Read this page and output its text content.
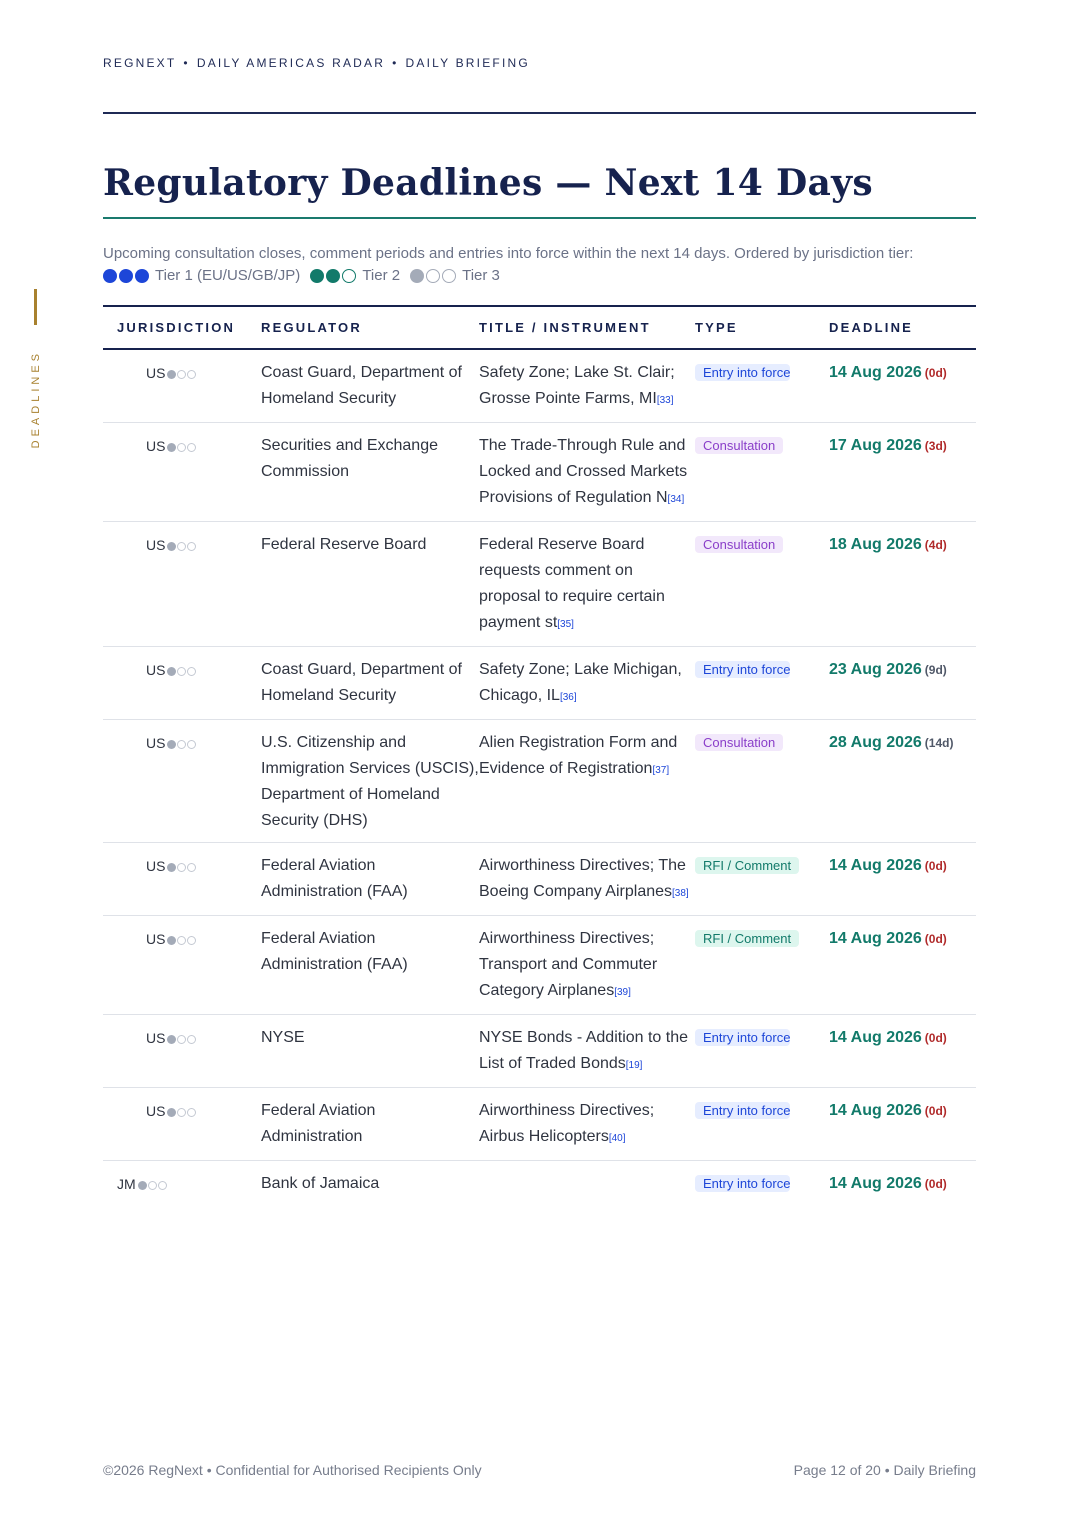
REGNEXT • DAILY AMERICAS RADAR • DAILY BRIEFING
DEADLINES
Regulatory Deadlines — Next 14 Days
Upcoming consultation closes, comment periods and entries into force within the next 14 days. Ordered by jurisdiction tier:
Tier 1 (EU/US/GB/JP)	Tier 2	Tier 3
JURISDICTION	REGULATOR	TITLE / INSTRUMENT	TYPE	DEADLINE
US	Coast Guard, Department of Homeland Security	Safety Zone; Lake St. Clair; Grosse Pointe Farms, MI[33]	Entry into force	14 Aug 2026 (0d)
US	Securities and Exchange Commission	The Trade-Through Rule and Locked and Crossed Markets Provisions of Regulation N[34]	Consultation	17 Aug 2026 (3d)
US	Federal Reserve Board	Federal Reserve Board requests comment on proposal to require certain payment st[35]	Consultation	18 Aug 2026 (4d)
US	Coast Guard, Department of Homeland Security	Safety Zone; Lake Michigan, Chicago, IL[36]	Entry into force	23 Aug 2026 (9d)
US	U.S. Citizenship and Immigration Services (USCIS), Department of Homeland Security (DHS)	Alien Registration Form and Evidence of Registration[37]	Consultation	28 Aug 2026 (14d)
US	Federal Aviation Administration (FAA)	Airworthiness Directives; The Boeing Company Airplanes[38]	RFI / Comment	14 Aug 2026 (0d)
US	Federal Aviation Administration (FAA)	Airworthiness Directives; Transport and Commuter Category Airplanes[39]	RFI / Comment	14 Aug 2026 (0d)
US	NYSE	NYSE Bonds - Addition to the List of Traded Bonds[19]	Entry into force	14 Aug 2026 (0d)
US	Federal Aviation Administration	Airworthiness Directives; Airbus Helicopters[40]	Entry into force	14 Aug 2026 (0d)
JM	Bank of Jamaica		Entry into force	14 Aug 2026 (0d)
©2026 RegNext • Confidential for Authorised Recipients Only	Page 12 of 20 • Daily Briefing
